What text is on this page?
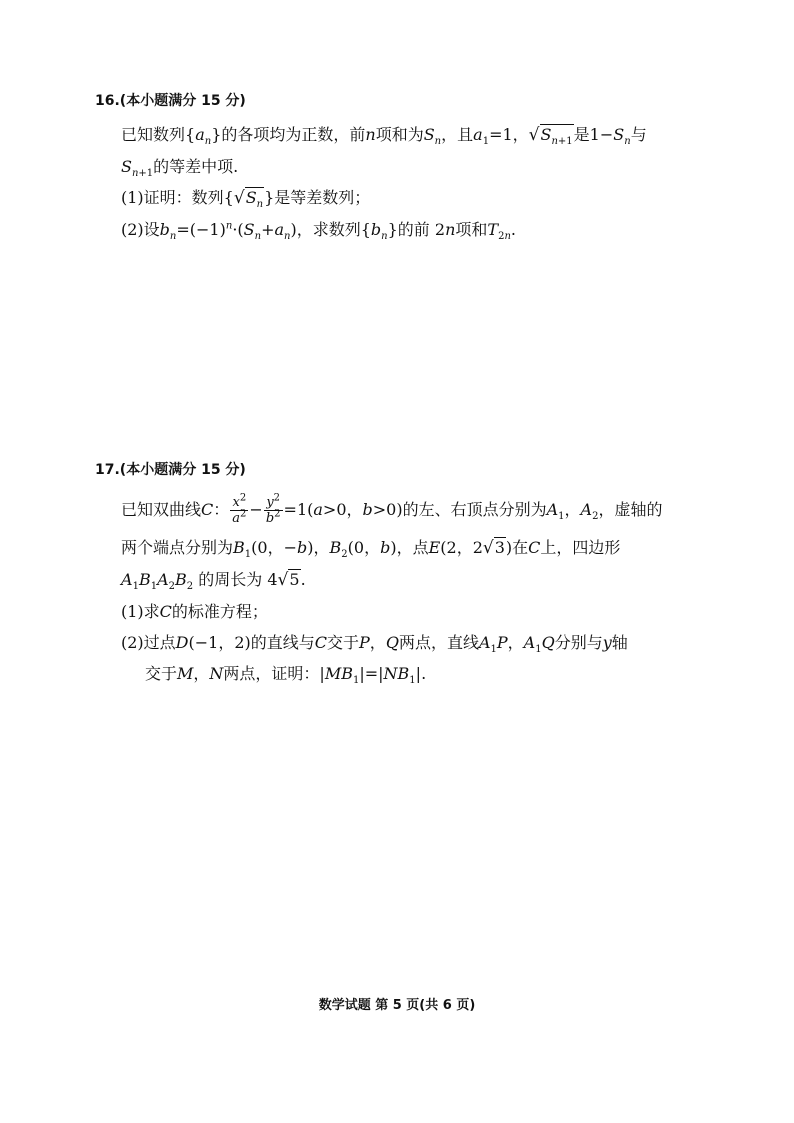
16.(本小题满分 15 分)
已知数列$\{a_n\}$的各项均为正数，前n项和为$S_n$，且$a_1=1$，$√S_{n+1}$是$1-S_n$与
$S_{n+1}$的等差中项.
(1)证明：数列$\{√S_n\}$是等差数列；
(2)设$b_n=(-1)^n\cdot(S_n+a_n)$，求数列$\{b_n\}$的前 2n项和$T_{2n}$.
17.(本小题满分 15 分)
已知双曲线C： $\frac{x^2}{a^2} - \frac{y^2}{b^2} =1(a>0$，b>0)的左、右顶点分别为$A_1$，$A_2$，虚轴的
两个端点分别为$B_1(0$，−b)，$B_2(0$，b)，点E(2，2√3)在C上，四边形
$A_1B_1A_2B_2$ 的周长为 4√5.
(1)求C的标准方程；
(2)过点D(−1，2)的直线与C交于P，Q两点，直线$A_1P$，$A_1Q$分别与y轴
交于M，N两点，证明：$|MB_1|=|NB_1|$.
数学试题 第 5 页(共 6 页)
